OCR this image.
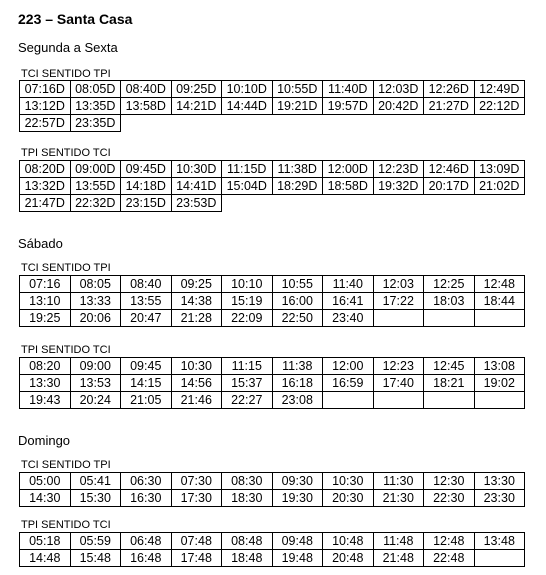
223 – Santa Casa
Segunda a Sexta
TCI SENTIDO TPI
07:16D	08:05D	08:40D	09:25D	10:10D	10:55D	11:40D	12:03D	12:26D	12:49D
13:12D	13:35D	13:58D	14:21D	14:44D	19:21D	19:57D	20:42D	21:27D	22:12D
22:57D	23:35D								
TPI SENTIDO TCI
08:20D	09:00D	09:45D	10:30D	11:15D	11:38D	12:00D	12:23D	12:46D	13:09D
13:32D	13:55D	14:18D	14:41D	15:04D	18:29D	18:58D	19:32D	20:17D	21:02D
21:47D	22:32D	23:15D	23:53D						
Sábado
TCI SENTIDO TPI
07:16	08:05	08:40	09:25	10:10	10:55	11:40	12:03	12:25	12:48
13:10	13:33	13:55	14:38	15:19	16:00	16:41	17:22	18:03	18:44
19:25	20:06	20:47	21:28	22:09	22:50	23:40			
TPI SENTIDO TCI
08:20	09:00	09:45	10:30	11:15	11:38	12:00	12:23	12:45	13:08
13:30	13:53	14:15	14:56	15:37	16:18	16:59	17:40	18:21	19:02
19:43	20:24	21:05	21:46	22:27	23:08				
Domingo
TCI SENTIDO TPI
05:00	05:41	06:30	07:30	08:30	09:30	10:30	11:30	12:30	13:30
14:30	15:30	16:30	17:30	18:30	19:30	20:30	21:30	22:30	23:30
TPI SENTIDO TCI
05:18	05:59	06:48	07:48	08:48	09:48	10:48	11:48	12:48	13:48
14:48	15:48	16:48	17:48	18:48	19:48	20:48	21:48	22:48	
